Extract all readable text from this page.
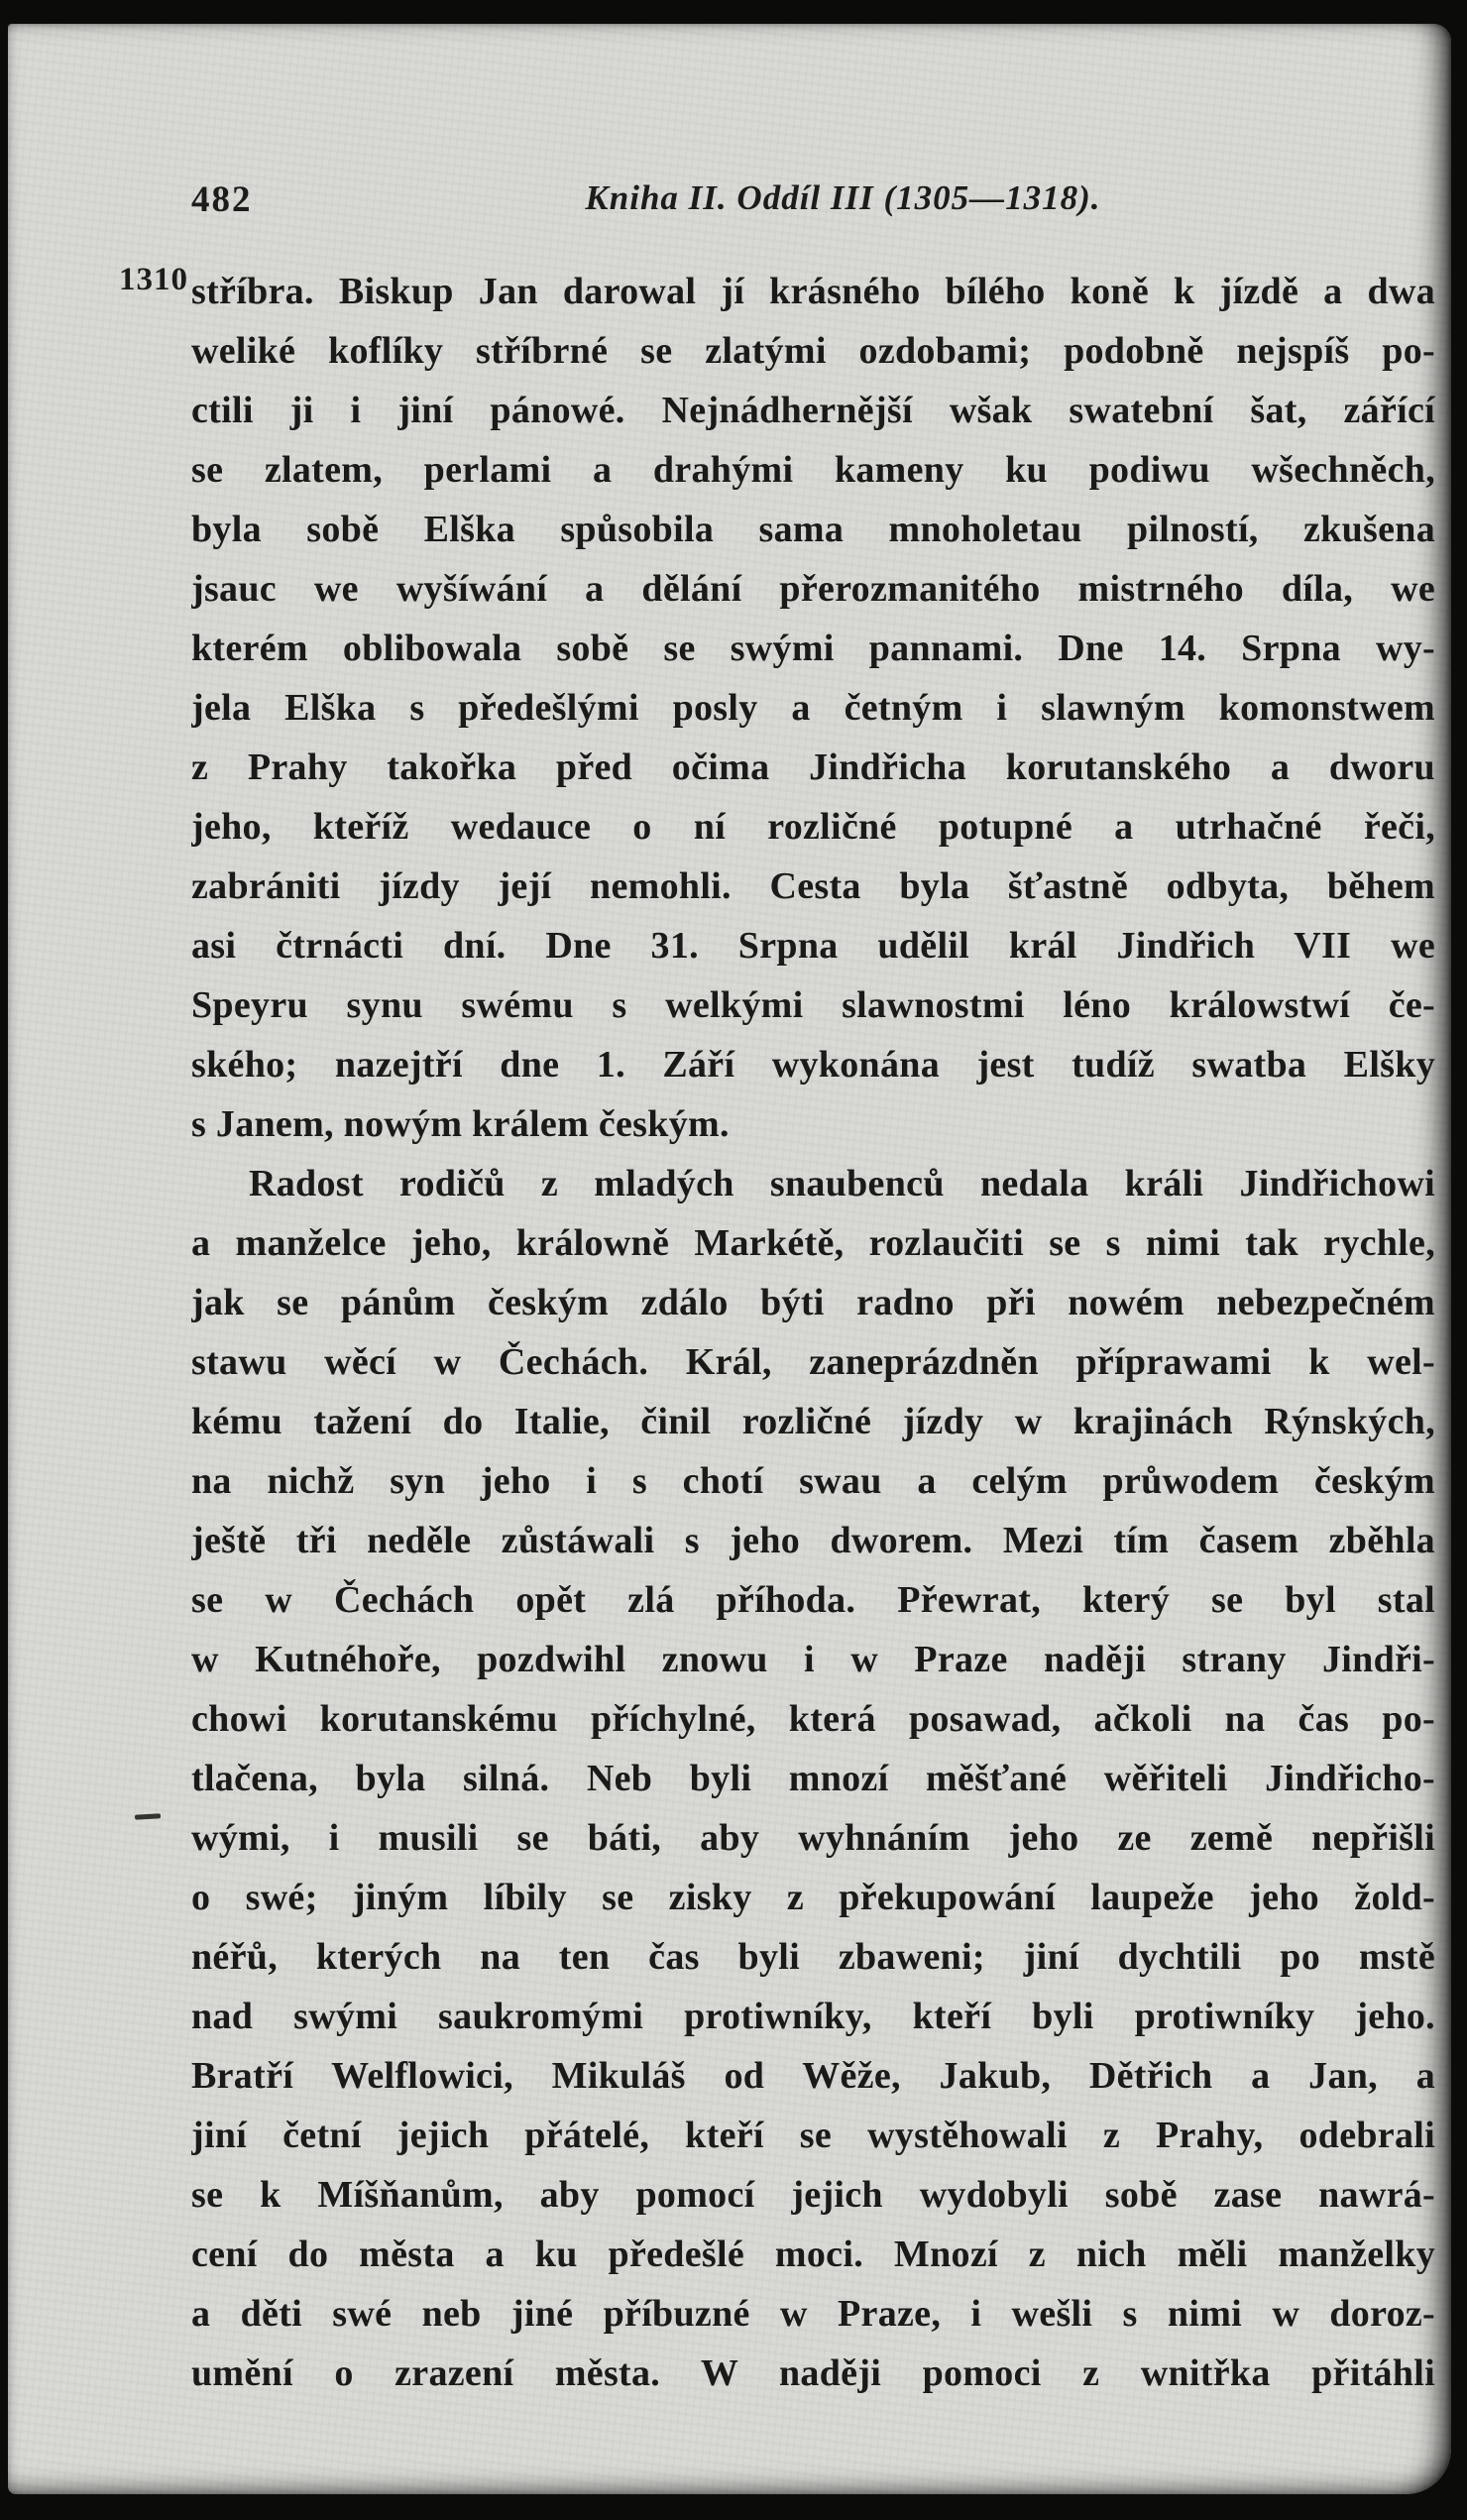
482	Kniha II. Oddíl III (1305—1318).
1310 stříbra. Biskup Jan darowal jí krásného bílého koně k jízdě a dwa
weliké koflíky stříbrné se zlatými ozdobami; podobně nejspíš po-
ctili ji i jiní pánowé. Nejnádhernější wšak swatební šat, zářící
se zlatem, perlami a drahými kameny ku podiwu wšechněch,
byla sobě Elška spůsobila sama mnoholetau pilností, zkušena
jsauc we wyšíwání a dělání přerozmanitého mistrného díla, we
kterém oblibowala sobě se swými pannami. Dne 14. Srpna wy-
jela Elška s předešlými posly a četným i slawným komonstwem
z Prahy takořka před očima Jindřicha korutanského a dworu
jeho, kteříž wedauce o ní rozličné potupné a utrhačné řeči,
zabrániti jízdy její nemohli. Cesta byla šťastně odbyta, během
asi čtrnácti dní. Dne 31. Srpna udělil král Jindřich VII we
Speyru synu swému s welkými slawnostmi léno králowstwí če-
ského; nazejtří dne 1. Září wykonána jest tudíž swatba Elšky
s Janem, nowým králem českým.
Radost rodičů z mladých snaubenců nedala králi Jindřichowi
a manželce jeho, králowně Markétě, rozlaučiti se s nimi tak rychle,
jak se pánům českým zdálo býti radno při nowém nebezpečném
stawu wěcí w Čechách. Král, zaneprázdněn příprawami k wel-
kému tažení do Italie, činil rozličné jízdy w krajinách Rýnských,
na nichž syn jeho i s chotí swau a celým průwodem českým
ještě tři neděle zůstáwali s jeho dworem. Mezi tím časem zběhla
se w Čechách opět zlá příhoda. Přewrat, který se byl stal
w Kutnéhoře, pozdwihl znowu i w Praze naději strany Jindři-
chowi korutanskému příchylné, která posawad, ačkoli na čas po-
tlačena, byla silná. Neb byli mnozí měšťané wěřiteli Jindřicho-
wými, i musili se báti, aby wyhnáním jeho ze země nepřišli
o swé; jiným líbily se zisky z překupowání laupeže jeho žold-
néřů, kterých na ten čas byli zbaweni; jiní dychtili po mstě
nad swými saukromými protiwníky, kteří byli protiwníky jeho.
Bratří Welflowici, Mikuláš od Wěže, Jakub, Dětřich a Jan, a
jiní četní jejich přátelé, kteří se wystěhowali z Prahy, odebrali
se k Míšňanům, aby pomocí jejich wydobyli sobě zase nawrá-
cení do města a ku předešlé moci. Mnozí z nich měli manželky
a děti swé neb jiné příbuzné w Praze, i wešli s nimi w doroz-
umění o zrazení města. W naději pomoci z wnitřka přitáhli
